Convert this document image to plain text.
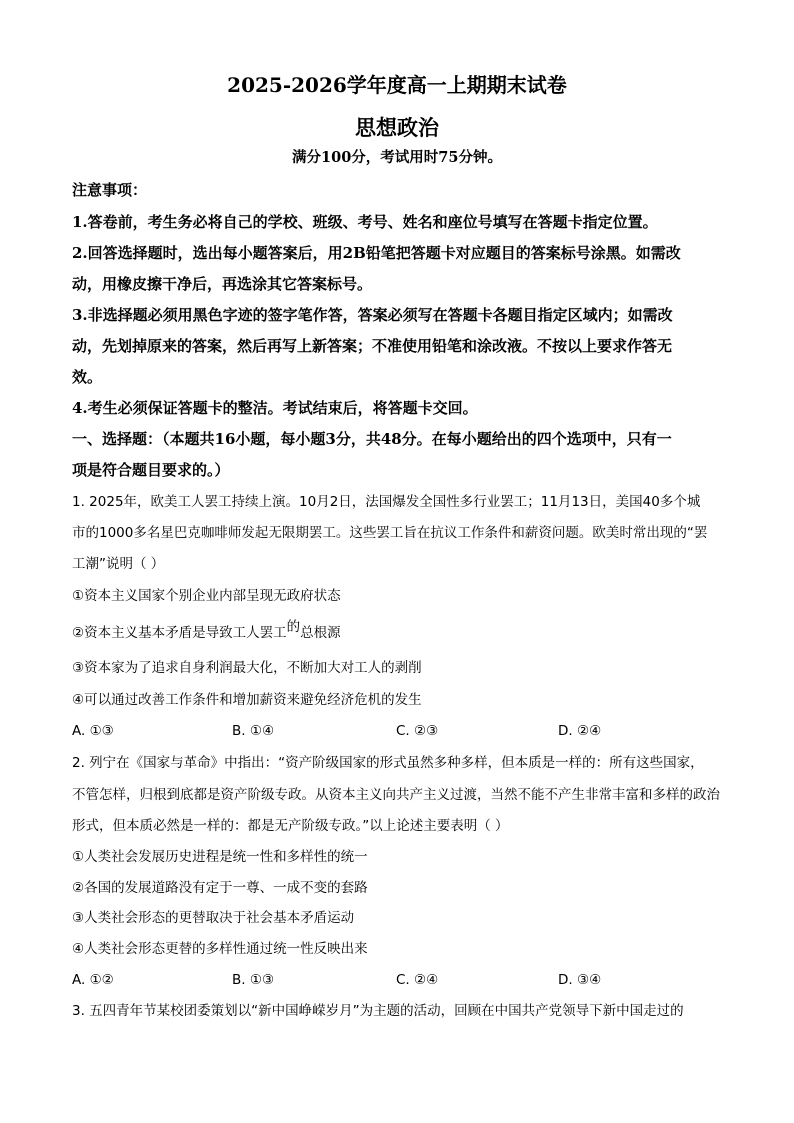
2025-2026学年度高一上期期末试卷
思想政治
满分100分，考试用时75分钟。
注意事项：
1.答卷前，考生务必将自己的学校、班级、考号、姓名和座位号填写在答题卡指定位置。
2.回答选择题时，选出每小题答案后，用2B铅笔把答题卡对应题目的答案标号涂黑。如需改
动，用橡皮擦干净后，再选涂其它答案标号。
3.非选择题必须用黑色字迹的签字笔作答，答案必须写在答题卡各题目指定区域内；如需改
动，先划掉原来的答案，然后再写上新答案；不准使用铅笔和涂改液。不按以上要求作答无
效。
4.考生必须保证答题卡的整洁。考试结束后，将答题卡交回。
一、选择题：（本题共16小题，每小题3分，共48分。在每小题给出的四个选项中，只有一
项是符合题目要求的。）
1. 2025年，欧美工人罢工持续上演。10月2日，法国爆发全国性多行业罢工；11月13日，美国40多个城
市的1000多名星巴克咖啡师发起无限期罢工。这些罢工旨在抗议工作条件和薪资问题。欧美时常出现的“罢
工潮”说明（ ）
①资本主义国家个别企业内部呈现无政府状态
②资本主义基本矛盾是导致工人罢工的总根源
③资本家为了追求自身利润最大化，不断加大对工人的剥削
④可以通过改善工作条件和增加薪资来避免经济危机的发生
A. ①③	B. ①④	C. ②③	D. ②④
2. 列宁在《国家与革命》中指出：“资产阶级国家的形式虽然多种多样，但本质是一样的：所有这些国家，
不管怎样，归根到底都是资产阶级专政。从资本主义向共产主义过渡，当然不能不产生非常丰富和多样的政治
形式，但本质必然是一样的：都是无产阶级专政。”以上论述主要表明（ ）
①人类社会发展历史进程是统一性和多样性的统一
②各国的发展道路没有定于一尊、一成不变的套路
③人类社会形态的更替取决于社会基本矛盾运动
④人类社会形态更替的多样性通过统一性反映出来
A. ①②	B. ①③	C. ②④	D. ③④
3. 五四青年节某校团委策划以“新中国峥嵘岁月”为主题的活动，回顾在中国共产党领导下新中国走过的
